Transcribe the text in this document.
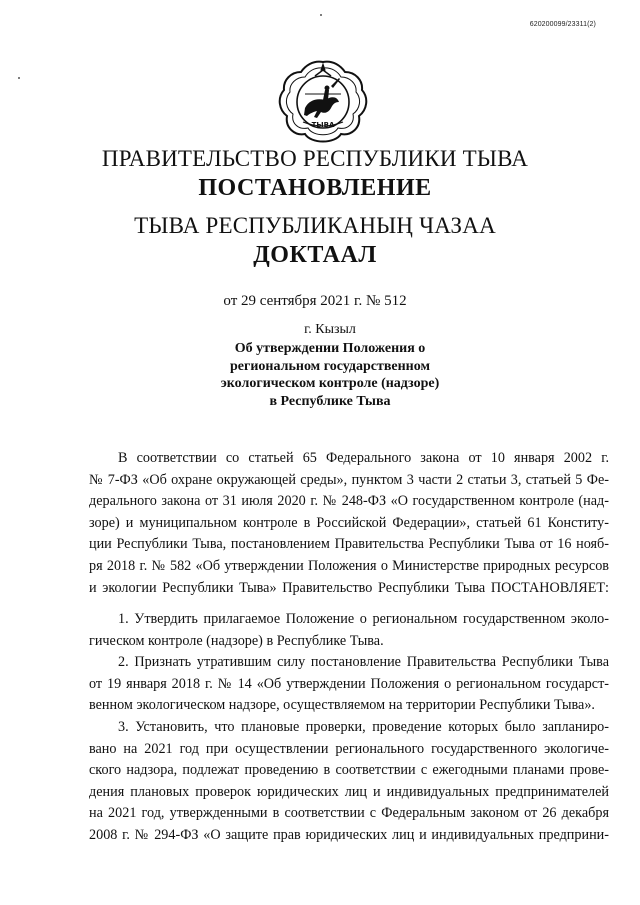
620200099/23311(2)
ТЫВА
ПРАВИТЕЛЬСТВО РЕСПУБЛИКИ ТЫВА
ПОСТАНОВЛЕНИЕ
ТЫВА РЕСПУБЛИКАНЫҢ ЧАЗАА
ДОКТААЛ
от 29 сентября 2021 г. № 512
г. Кызыл
Об утверждении Положения о
региональном государственном
экологическом контроле (надзоре)
в Республике Тыва
В соответствии со статьей 65 Федерального закона от 10 января 2002 г.
№ 7-ФЗ «Об охране окружающей среды», пунктом 3 части 2 статьи 3, статьей 5 Фе-
дерального закона от 31 июля 2020 г. № 248-ФЗ «О государственном контроле (над-
зоре) и муниципальном контроле в Российской Федерации», статьей 61 Конститу-
ции Республики Тыва, постановлением Правительства Республики Тыва от 16 нояб-
ря 2018 г. № 582 «Об утверждении Положения о Министерстве природных ресурсов
и экологии Республики Тыва» Правительство Республики Тыва ПОСТАНОВЛЯЕТ:
1. Утвердить прилагаемое Положение о региональном государственном эколо-
гическом контроле (надзоре) в Республике Тыва.
2. Признать утратившим силу постановление Правительства Республики Тыва
от 19 января 2018 г. № 14 «Об утверждении Положения о региональном государст-
венном экологическом надзоре, осуществляемом на территории Республики Тыва».
3. Установить, что плановые проверки, проведение которых было запланиро-
вано на 2021 год при осуществлении регионального государственного экологиче-
ского надзора, подлежат проведению в соответствии с ежегодными планами прове-
дения плановых проверок юридических лиц и индивидуальных предпринимателей
на 2021 год, утвержденными в соответствии с Федеральным законом от 26 декабря
2008 г. № 294-ФЗ «О защите прав юридических лиц и индивидуальных предприни-
